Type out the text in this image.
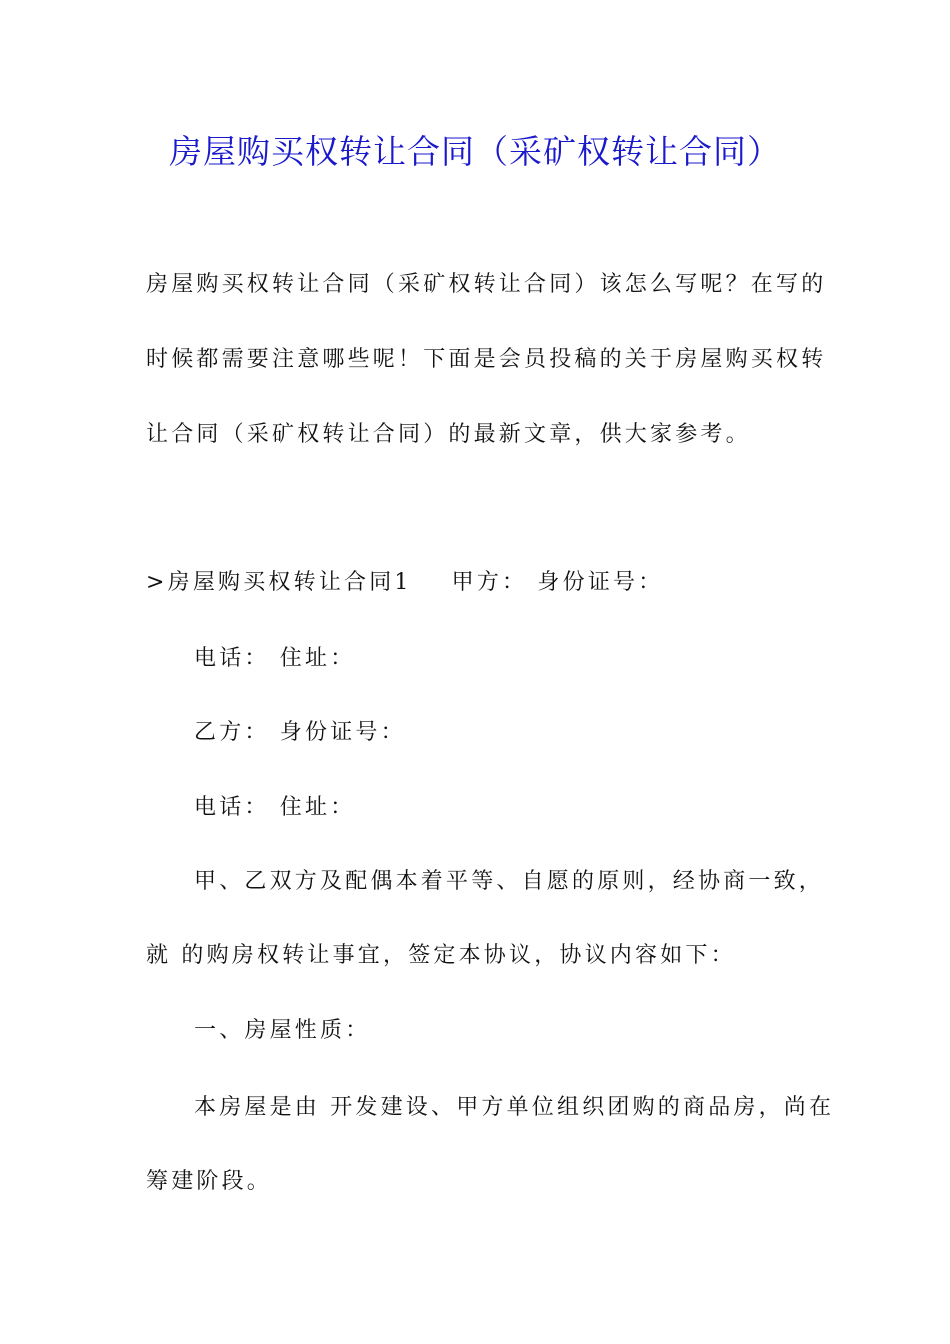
房屋购买权转让合同（采矿权转让合同）
房屋购买权转让合同（采矿权转让合同）该怎么写呢？在写的
时候都需要注意哪些呢！下面是会员投稿的关于房屋购买权转
让合同（采矿权转让合同）的最新文章，供大家参考。
>房屋购买权转让合同1 甲方： 身份证号：
电话： 住址：
乙方： 身份证号：
电话： 住址：
甲、乙双方及配偶本着平等、自愿的原则，经协商一致，
就 的购房权转让事宜，签定本协议，协议内容如下：
一、房屋性质：
本房屋是由 开发建设、甲方单位组织团购的商品房，尚在
筹建阶段。
